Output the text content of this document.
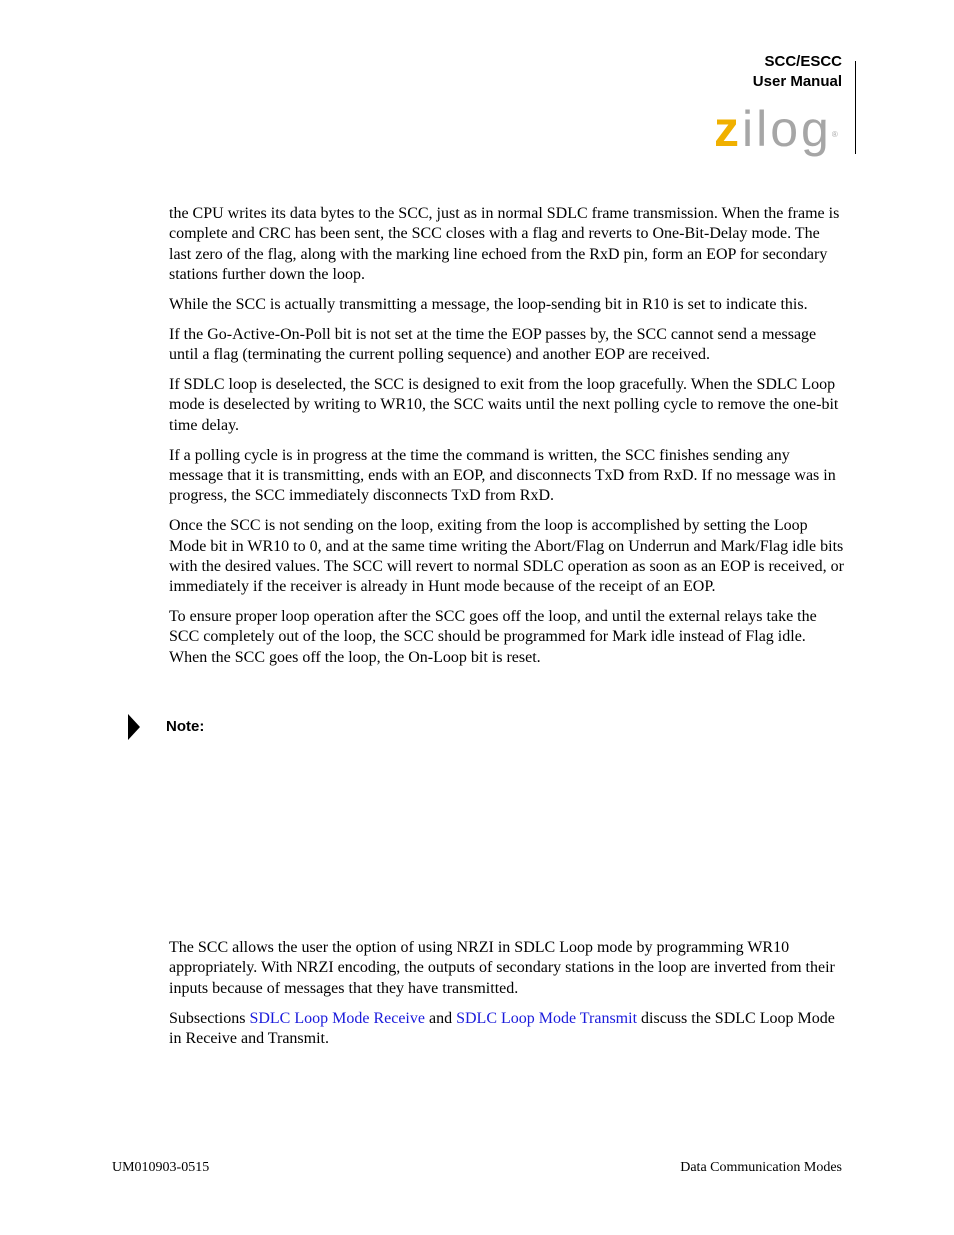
SCC/ESCC
User Manual
zilog®

the CPU writes its data bytes to the SCC, just as in normal SDLC frame transmission. When the frame is complete and CRC has been sent, the SCC closes with a flag and reverts to One-Bit-Delay mode. The last zero of the flag, along with the marking line echoed from the RxD pin, form an EOP for secondary stations further down the loop.

While the SCC is actually transmitting a message, the loop-sending bit in R10 is set to indicate this.

If the Go-Active-On-Poll bit is not set at the time the EOP passes by, the SCC cannot send a message until a flag (terminating the current polling sequence) and another EOP are received.

If SDLC loop is deselected, the SCC is designed to exit from the loop gracefully. When the SDLC Loop mode is deselected by writing to WR10, the SCC waits until the next polling cycle to remove the one-bit time delay.

If a polling cycle is in progress at the time the command is written, the SCC finishes sending any message that it is transmitting, ends with an EOP, and disconnects TxD from RxD. If no message was in progress, the SCC immediately disconnects TxD from RxD.

Once the SCC is not sending on the loop, exiting from the loop is accomplished by setting the Loop Mode bit in WR10 to 0, and at the same time writing the Abort/Flag on Underrun and Mark/Flag idle bits with the desired values. The SCC will revert to normal SDLC operation as soon as an EOP is received, or immediately if the receiver is already in Hunt mode because of the receipt of an EOP.

To ensure proper loop operation after the SCC goes off the loop, and until the external relays take the SCC completely out of the loop, the SCC should be programmed for Mark idle instead of Flag idle. When the SCC goes off the loop, the On-Loop bit is reset.

Note:

The SCC allows the user the option of using NRZI in SDLC Loop mode by programming WR10 appropriately. With NRZI encoding, the outputs of secondary stations in the loop are inverted from their inputs because of messages that they have transmitted.

Subsections SDLC Loop Mode Receive and SDLC Loop Mode Transmit discuss the SDLC Loop Mode in Receive and Transmit.

UM010903-0515	Data Communication Modes
